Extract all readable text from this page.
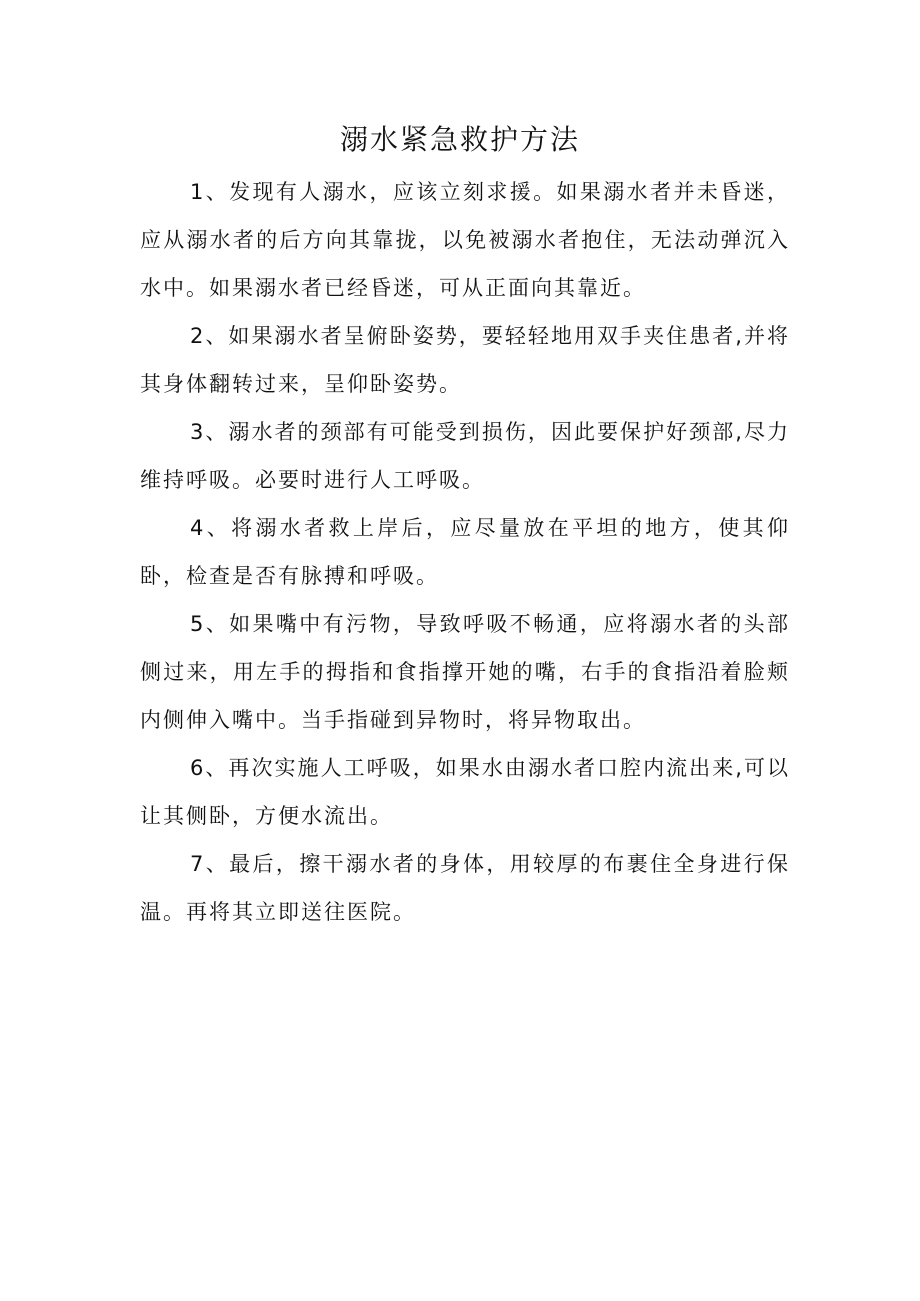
溺水紧急救护方法

1、发现有人溺水，应该立刻求援。如果溺水者并未昏迷，应从溺水者的后方向其靠拢，以免被溺水者抱住，无法动弹沉入水中。如果溺水者已经昏迷，可从正面向其靠近。

2、如果溺水者呈俯卧姿势，要轻轻地用双手夹住患者,并将其身体翻转过来，呈仰卧姿势。

3、溺水者的颈部有可能受到损伤，因此要保护好颈部,尽力维持呼吸。必要时进行人工呼吸。

4、将溺水者救上岸后，应尽量放在平坦的地方，使其仰卧，检查是否有脉搏和呼吸。

5、如果嘴中有污物，导致呼吸不畅通，应将溺水者的头部侧过来，用左手的拇指和食指撑开她的嘴，右手的食指沿着脸颊内侧伸入嘴中。当手指碰到异物时，将异物取出。

6、再次实施人工呼吸，如果水由溺水者口腔内流出来,可以让其侧卧，方便水流出。

7、最后，擦干溺水者的身体，用较厚的布裹住全身进行保温。再将其立即送往医院。
